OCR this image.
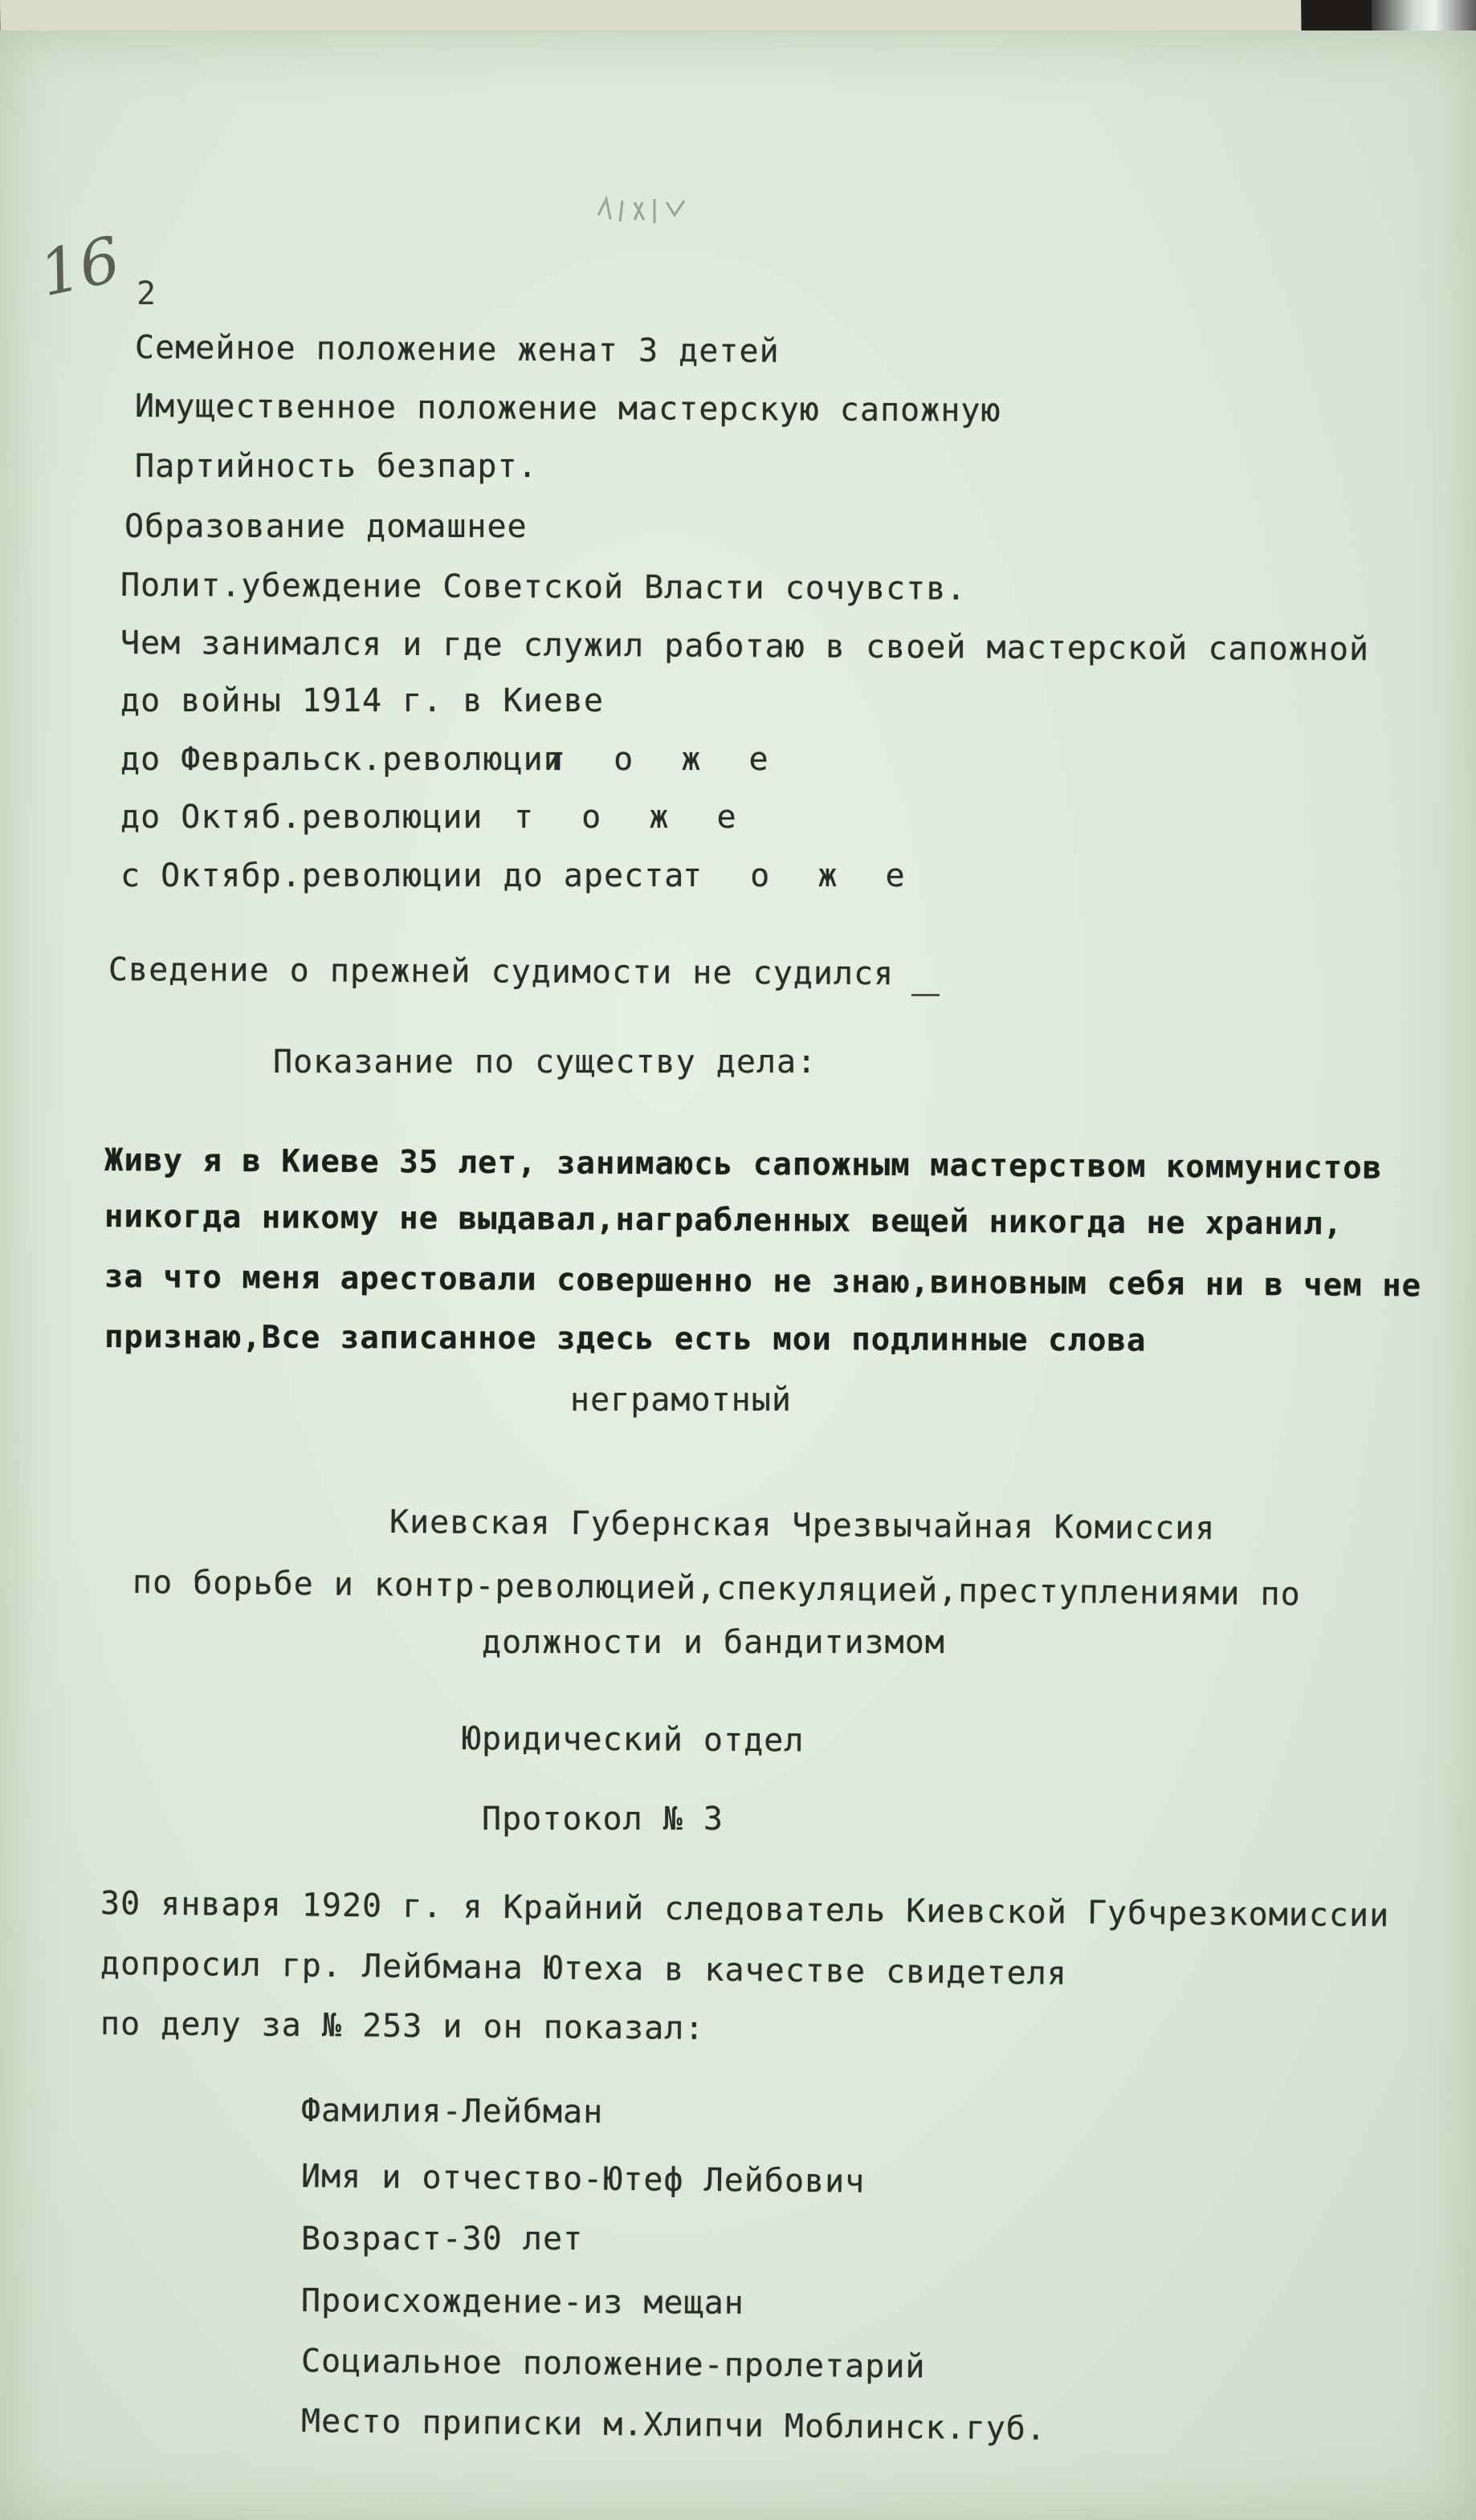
16 2
Семейное положение женат 3 детей
Имущественное положение мастерскую сапожную
Партийность безпарт.
Образование домашнее
Полит.убеждение Советской Власти сочувств.
Чем занимался и где служил работаю в своей мастерской сапожной
до войны 1914 г. в Киеве
до Февральск.революции
т о ж е
до Октяб.революции т о ж е
с Октябр.революции до ареста
т о ж е
Сведение о прежней судимости не судился
Показание по существу дела:
Живу я в Киеве 35 лет, занимаюсь сапожным мастерством коммунистов
никогда никому не выдавал,награбленных вещей никогда не хранил,
за что меня арестовали совершенно не знаю,виновным себя ни в чем не
признаю,Все записанное здесь есть мои подлинные слова
неграмотный
Киевская Губернская Чрезвычайная Комиссия
по борьбе и контр-революцией,спекуляцией,преступлениями по
должности и бандитизмом
Юридический отдел
Протокол № 3
30 января 1920 г. я Крайний следователь Киевской Губчрезкомиссии
допросил гр. Лейбмана Ютеха в качестве свидетеля
по делу за № 253 и он показал:
Фамилия-Лейбман
Имя и отчество-Ютеф Лейбович
Возраст-30 лет
Происхождение-из мещан
Социальное положение-пролетарий
Место приписки м.Хлипчи Моблинск.губ.
